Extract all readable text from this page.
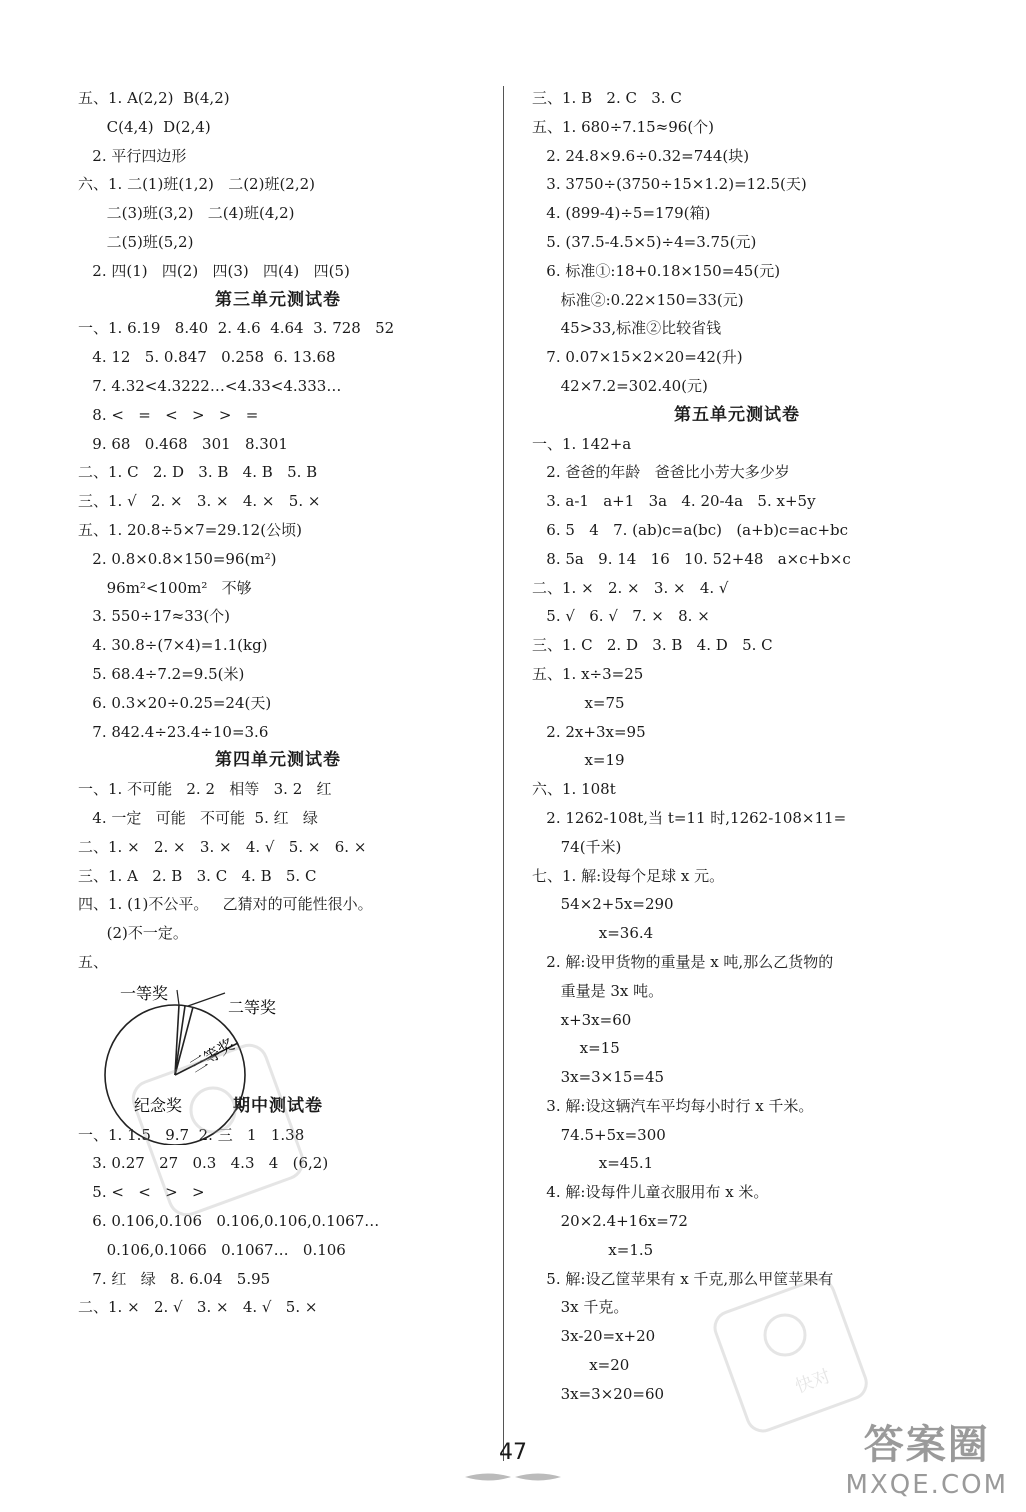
五、1. A(2,2)  B(4,2)
C(4,4)  D(2,4)
2. 平行四边形
六、1. 二(1)班(1,2)   二(2)班(2,2)
二(3)班(3,2)   二(4)班(4,2)
二(5)班(5,2)
2. 四(1)   四(2)   四(3)   四(4)   四(5)
第三单元测试卷
一、1. 6.19   8.40  2. 4.6  4.64  3. 728   52
4. 12   5. 0.847   0.258  6. 13.68
7. 4.32<4.3222…<4.33<4.333…
8. <   =   <   >   >   =
9. 68   0.468   301   8.301
二、1. C   2. D   3. B   4. B   5. B
三、1. √   2. ×   3. ×   4. ×   5. ×
五、1. 20.8÷5×7=29.12(公顷)
2. 0.8×0.8×150=96(m²)
96m²<100m²   不够
3. 550÷17≈33(个)
4. 30.8÷(7×4)=1.1(kg)
5. 68.4÷7.2=9.5(米)
6. 0.3×20÷0.25=24(天)
7. 842.4÷23.4÷10=3.6
第四单元测试卷
一、1. 不可能   2. 2   相等   3. 2   红
4. 一定   可能   不可能  5. 红   绿
二、1. ×   2. ×   3. ×   4. √   5. ×   6. ×
三、1. A   2. B   3. C   4. B   5. C
四、1. (1)不公平。   乙猜对的可能性很小。
(2)不一定。
五、
期中测试卷
一、1. 1.5   9.7  2. 三   1   1.38
3. 0.27   27   0.3   4.3   4   (6,2)
5. <   <   >   >
6. 0.106,0.106   0.106,0.106,0.1067…
0.106,0.1066   0.1067…   0.106
7. 红   绿   8. 6.04   5.95
二、1. ×   2. √   3. ×   4. √   5. ×
三、1. B   2. C   3. C
五、1. 680÷7.15≈96(个)
2. 24.8×9.6÷0.32=744(块)
3. 3750÷(3750÷15×1.2)=12.5(天)
4. (899-4)÷5=179(箱)
5. (37.5-4.5×5)÷4=3.75(元)
6. 标准①:18+0.18×150=45(元)
标准②:0.22×150=33(元)
45>33,标准②比较省钱
7. 0.07×15×2×20=42(升)
42×7.2=302.40(元)
第五单元测试卷
一、1. 142+a
2. 爸爸的年龄   爸爸比小芳大多少岁
3. a-1   a+1   3a   4. 20-4a   5. x+5y
6. 5   4   7. (ab)c=a(bc)   (a+b)c=ac+bc
8. 5a   9. 14   16   10. 52+48   a×c+b×c
二、1. ×   2. ×   3. ×   4. √
5. √   6. √   7. ×   8. ×
三、1. C   2. D   3. B   4. D   5. C
五、1. x÷3=25
x=75
2. 2x+3x=95
x=19
六、1. 108t
2. 1262-108t,当 t=11 时,1262-108×11=
74(千米)
七、1. 解:设每个足球 x 元。
54×2+5x=290
x=36.4
2. 解:设甲货物的重量是 x 吨,那么乙货物的
重量是 3x 吨。
x+3x=60
x=15
3x=3×15=45
3. 解:设这辆汽车平均每小时行 x 千米。
74.5+5x=300
x=45.1
4. 解:设每件儿童衣服用布 x 米。
20×2.4+16x=72
x=1.5
5. 解:设乙筐苹果有 x 千克,那么甲筐苹果有
3x 千克。
3x-20=x+20
x=20
3x=3×20=60
一等奖
二等奖
三等奖
纪念奖
快对
47	答案圈
MXQE.COM
